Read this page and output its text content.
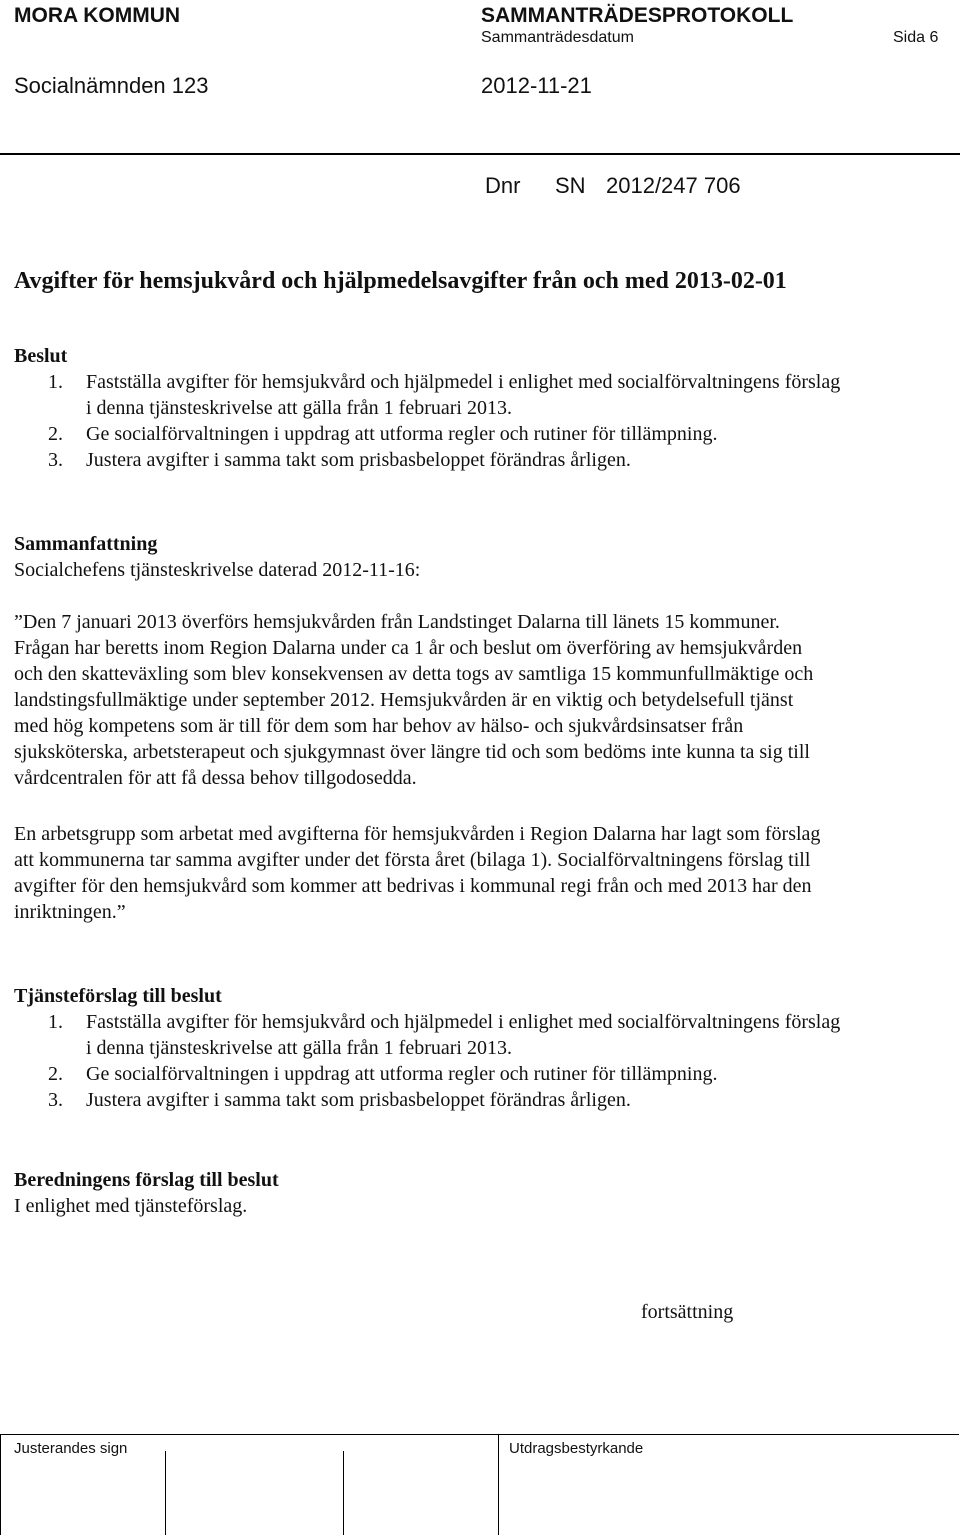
MORA KOMMUN	SAMMANTRÄDESPROTOKOLL
Sammanträdesdatum	Sida 6
Socialnämnden 123	2012-11-21
Dnr SN 2012/247 706
Avgifter för hemsjukvård och hjälpmedelsavgifter från och med 2013-02-01
Beslut
1. Fastställa avgifter för hemsjukvård och hjälpmedel i enlighet med socialförvaltningens förslag
i denna tjänsteskrivelse att gälla från 1 februari 2013.
2. Ge socialförvaltningen i uppdrag att utforma regler och rutiner för tillämpning.
3. Justera avgifter i samma takt som prisbasbeloppet förändras årligen.
Sammanfattning
Socialchefens tjänsteskrivelse daterad 2012-11-16:
”Den 7 januari 2013 överförs hemsjukvården från Landstinget Dalarna till länets 15 kommuner.
Frågan har beretts inom Region Dalarna under ca 1 år och beslut om överföring av hemsjukvården
och den skatteväxling som blev konsekvensen av detta togs av samtliga 15 kommunfullmäktige och
landstingsfullmäktige under september 2012. Hemsjukvården är en viktig och betydelsefull tjänst
med hög kompetens som är till för dem som har behov av hälso- och sjukvårdsinsatser från
sjuksköterska, arbetsterapeut och sjukgymnast över längre tid och som bedöms inte kunna ta sig till
vårdcentralen för att få dessa behov tillgodosedda.
En arbetsgrupp som arbetat med avgifterna för hemsjukvården i Region Dalarna har lagt som förslag
att kommunerna tar samma avgifter under det första året (bilaga 1). Socialförvaltningens förslag till
avgifter för den hemsjukvård som kommer att bedrivas i kommunal regi från och med 2013 har den
inriktningen.”
Tjänsteförslag till beslut
1. Fastställa avgifter för hemsjukvård och hjälpmedel i enlighet med socialförvaltningens förslag
i denna tjänsteskrivelse att gälla från 1 februari 2013.
2. Ge socialförvaltningen i uppdrag att utforma regler och rutiner för tillämpning.
3. Justera avgifter i samma takt som prisbasbeloppet förändras årligen.
Beredningens förslag till beslut
I enlighet med tjänsteförslag.
fortsättning
Justerandes sign	Utdragsbestyrkande
